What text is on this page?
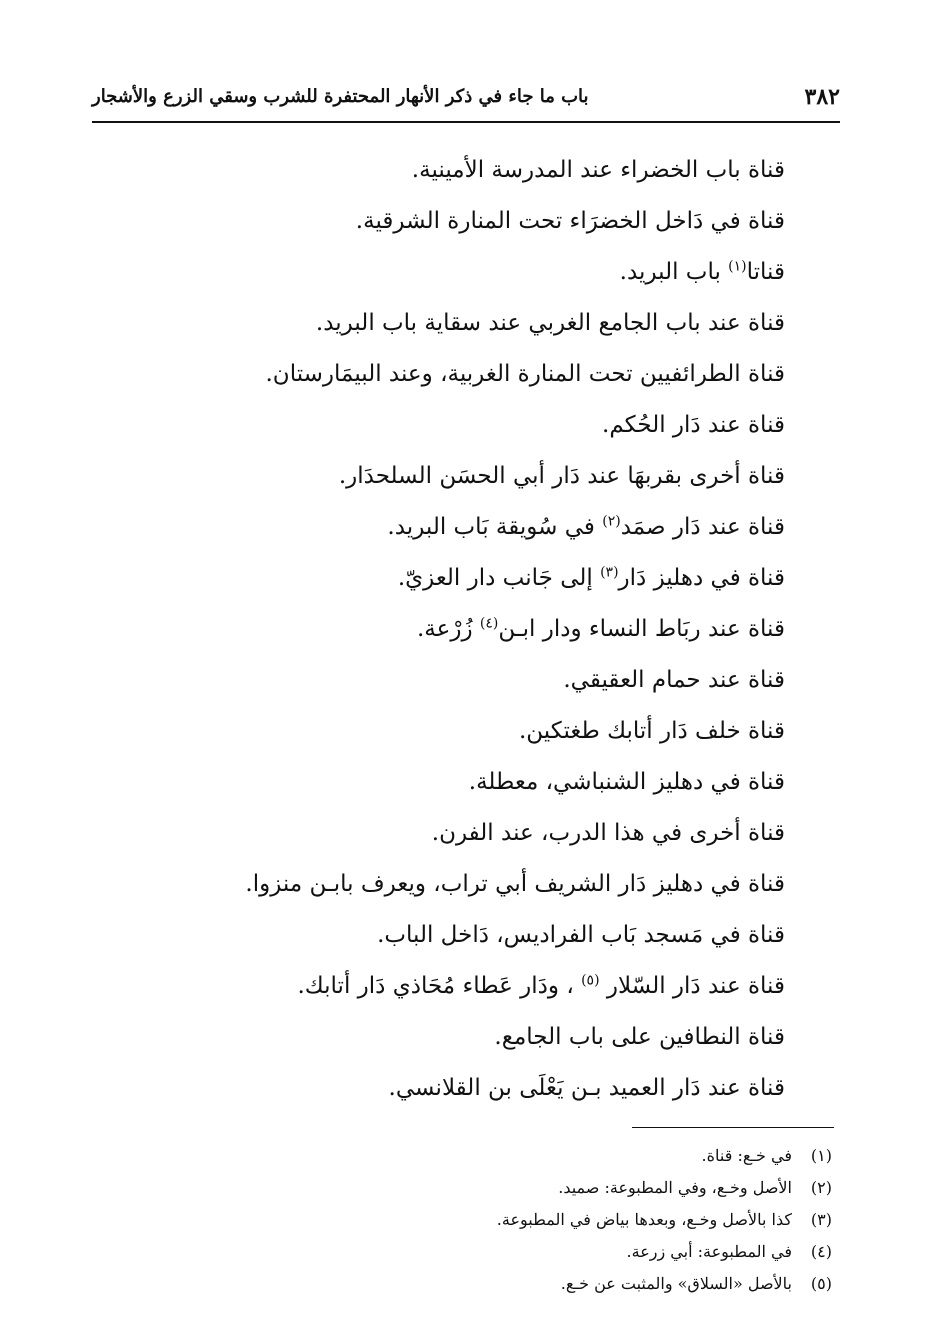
٣٨٢
باب ما جاء في ذكر الأنهار المحتفرة للشرب وسقي الزرع والأشجار
قناة باب الخضراء عند المدرسة الأمينية.
قناة في دَاخل الخضرَاء تحت المنارة الشرقية.
قناتا$^{(١)}$ باب البريد.
قناة عند باب الجامع الغربي عند سقاية باب البريد.
قناة الطرائفيين تحت المنارة الغربية، وعند البيمَارستان.
قناة عند دَار الحُكم.
قناة أخرى بقربهَا عند دَار أبي الحسَن السلحدَار.
قناة عند دَار صمَد$^{(٢)}$ في سُويقة بَاب البريد.
قناة في دهليز دَار$^{(٣)}$ إلى جَانب دار العزيّ.
قناة عند ربَاط النساء ودار ابـن$^{(٤)}$ زُرْعة.
قناة عند حمام العقيقي.
قناة خلف دَار أتابك طغتكين.
قناة في دهليز الشنباشي، معطلة.
قناة أخرى في هذا الدرب، عند الفرن.
قناة في دهليز دَار الشريف أبي تراب، ويعرف بابـن منزوا.
قناة في مَسجد بَاب الفراديس، دَاخل الباب.
قناة عند دَار السّلار $^{(٥)}$ ، ودَار عَطاء مُحَاذي دَار أتابك.
قناة النطافين على باب الجامع.
قناة عند دَار العميد بـن يَعْلَى بن القلانسي.
(١)في خـع: قناة.
(٢)الأصل وخـع، وفي المطبوعة: صميد.
(٣)كذا بالأصل وخـع، وبعدها بياض في المطبوعة.
(٤)في المطبوعة: أبي زرعة.
(٥)بالأصل «السلاق» والمثبت عن خـع.
